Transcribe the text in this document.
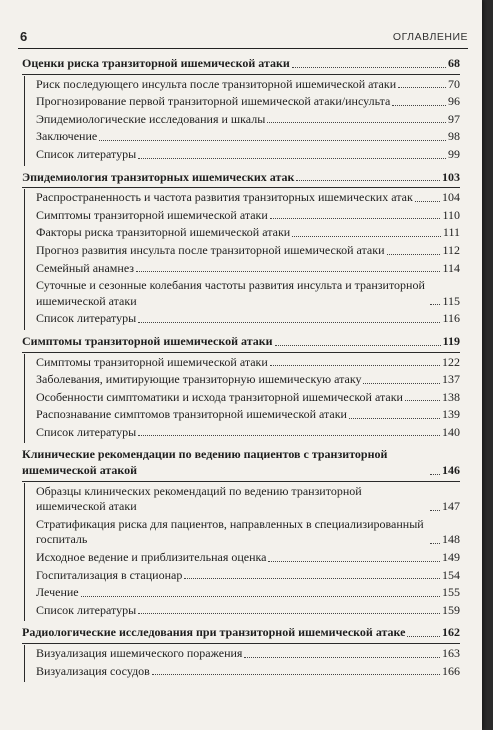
6	ОГЛАВЛЕНИЕ
Оценки риска транзиторной ишемической атаки	68
Риск последующего инсульта после транзиторной ишемической атаки	70
Прогнозирование первой транзиторной ишемической атаки/инсульта	96
Эпидемиологические исследования и шкалы	97
Заключение	98
Список литературы	99
Эпидемиология транзиторных ишемических атак	103
Распространенность и частота развития транзиторных ишемических атак 104
Симптомы транзиторной ишемической атаки	110
Факторы риска транзиторной ишемической атаки	111
Прогноз развития инсульта после транзиторной ишемической атаки	112
Семейный анамнез	114
Суточные и сезонные колебания частоты развития инсульта и транзиторной ишемической атаки	115
Список литературы	116
Симптомы транзиторной ишемической атаки	119
Симптомы транзиторной ишемической атаки	122
Заболевания, имитирующие транзиторную ишемическую атаку	137
Особенности симптоматики и исхода транзиторной ишемической атаки	138
Распознавание симптомов транзиторной ишемической атаки	139
Список литературы	140
Клинические рекомендации по ведению пациентов с транзиторной ишемической атакой	146
Образцы клинических рекомендаций по ведению транзиторной ишемической атаки	147
Стратификация риска для пациентов, направленных в специализированный госпиталь	148
Исходное ведение и приблизительная оценка	149
Госпитализация в стационар	154
Лечение	155
Список литературы	159
Радиологические исследования при транзиторной ишемической атаке	162
Визуализация ишемического поражения	163
Визуализация сосудов	166
